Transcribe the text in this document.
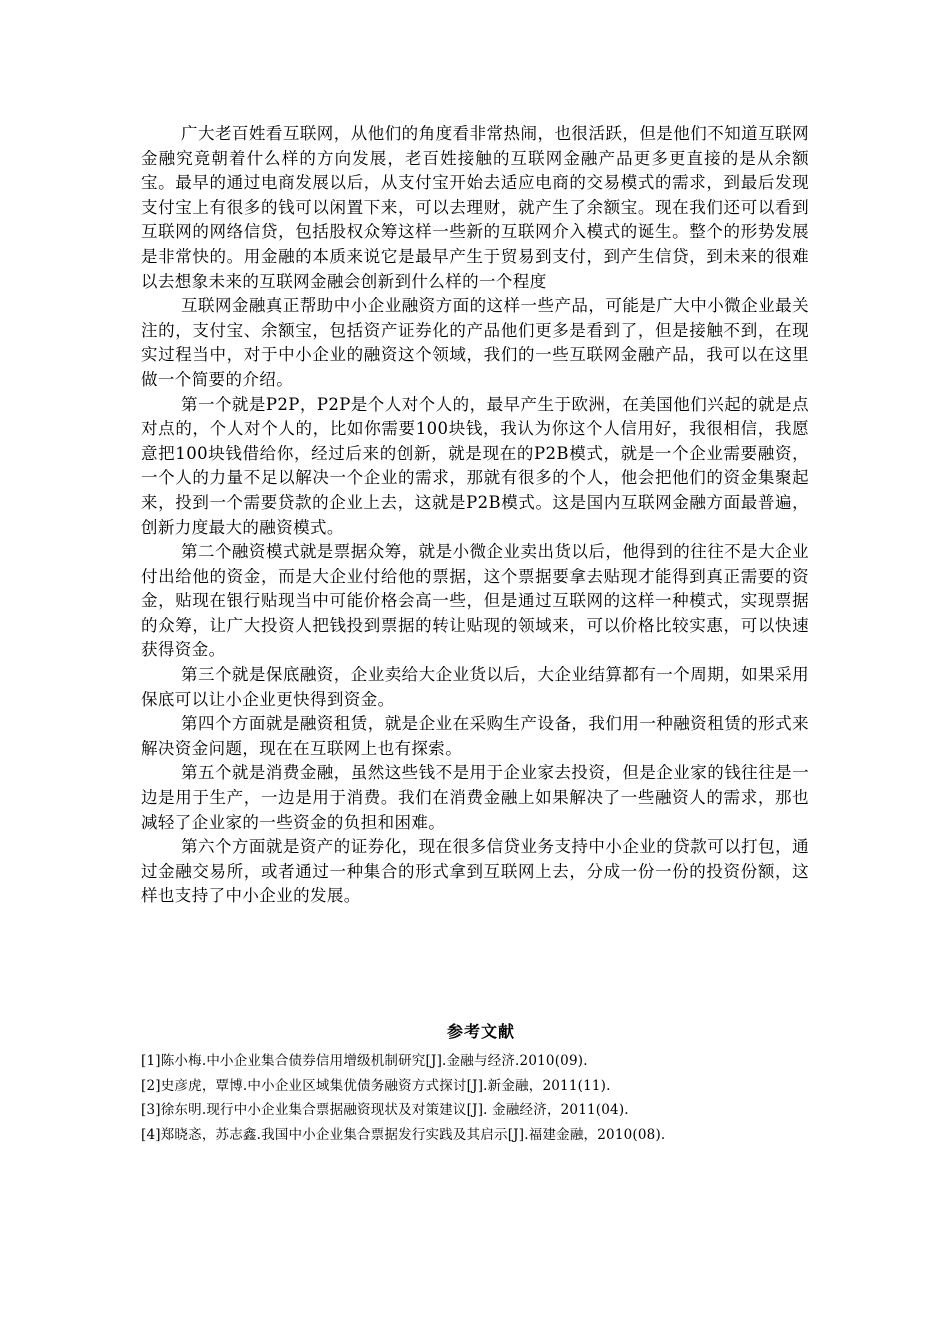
广大老百姓看互联网，从他们的角度看非常热闹，也很活跃，但是他们不知道互联网金融究竟朝着什么样的方向发展，老百姓接触的互联网金融产品更多更直接的是从余额宝。最早的通过电商发展以后，从支付宝开始去适应电商的交易模式的需求，到最后发现支付宝上有很多的钱可以闲置下来，可以去理财，就产生了余额宝。现在我们还可以看到互联网的网络信贷，包括股权众筹这样一些新的互联网介入模式的诞生。整个的形势发展是非常快的。用金融的本质来说它是最早产生于贸易到支付，到产生信贷，到未来的很难以去想象未来的互联网金融会创新到什么样的一个程度

互联网金融真正帮助中小企业融资方面的这样一些产品，可能是广大中小微企业最关注的，支付宝、余额宝，包括资产证券化的产品他们更多是看到了，但是接触不到，在现实过程当中，对于中小企业的融资这个领域，我们的一些互联网金融产品，我可以在这里做一个简要的介绍。

第一个就是P2P，P2P是个人对个人的，最早产生于欧洲，在美国他们兴起的就是点对点的，个人对个人的，比如你需要100块钱，我认为你这个人信用好，我很相信，我愿意把100块钱借给你，经过后来的创新，就是现在的P2B模式，就是一个企业需要融资，一个人的力量不足以解决一个企业的需求，那就有很多的个人，他会把他们的资金集聚起来，投到一个需要贷款的企业上去，这就是P2B模式。这是国内互联网金融方面最普遍，创新力度最大的融资模式。

第二个融资模式就是票据众筹，就是小微企业卖出货以后，他得到的往往不是大企业付出给他的资金，而是大企业付给他的票据，这个票据要拿去贴现才能得到真正需要的资金，贴现在银行贴现当中可能价格会高一些，但是通过互联网的这样一种模式，实现票据的众筹，让广大投资人把钱投到票据的转让贴现的领域来，可以价格比较实惠，可以快速获得资金。

第三个就是保底融资，企业卖给大企业货以后，大企业结算都有一个周期，如果采用保底可以让小企业更快得到资金。

第四个方面就是融资租赁，就是企业在采购生产设备，我们用一种融资租赁的形式来解决资金问题，现在在互联网上也有探索。

第五个就是消费金融，虽然这些钱不是用于企业家去投资，但是企业家的钱往往是一边是用于生产，一边是用于消费。我们在消费金融上如果解决了一些融资人的需求，那也减轻了企业家的一些资金的负担和困难。

第六个方面就是资产的证券化，现在很多信贷业务支持中小企业的贷款可以打包，通过金融交易所，或者通过一种集合的形式拿到互联网上去，分成一份一份的投资份额，这样也支持了中小企业的发展。

参考文献

[1]陈小梅.中小企业集合债券信用增级机制研究[J].金融与经济.2010(09).

[2]史彦虎，覃博.中小企业区域集优债务融资方式探讨[J].新金融，2011(11).

[3]徐东明.现行中小企业集合票据融资现状及对策建议[J]. 金融经济，2011(04).

[4]郑晓忞，苏志鑫.我国中小企业集合票据发行实践及其启示[J].福建金融，2010(08).
